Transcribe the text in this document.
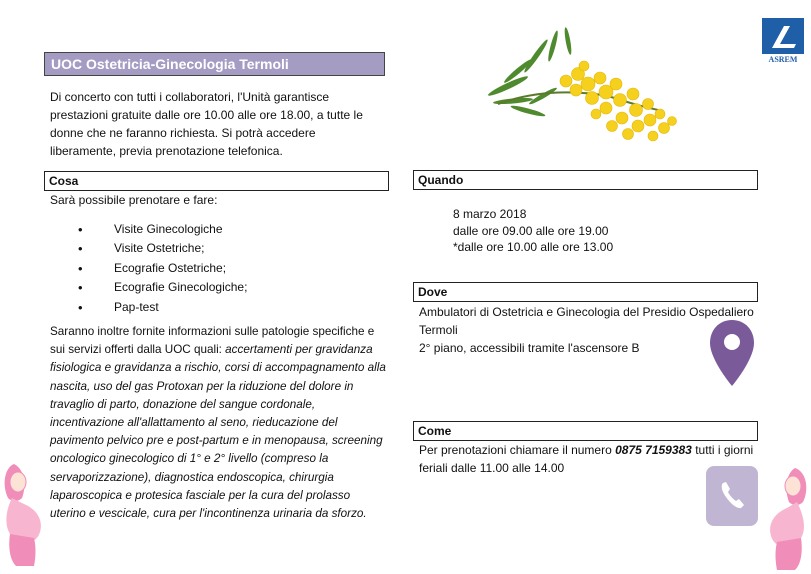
UOC Ostetricia-Ginecologia Termoli
Di concerto con tutti i collaboratori, l'Unità garantisce prestazioni gratuite dalle ore 10.00 alle ore 18.00, a tutte le donne che ne faranno richiesta. Si potrà accedere liberamente, previa prenotazione telefonica.
ASREM
Cosa
Sarà possibile prenotare e fare:
• Visite Ginecologiche
• Visite Ostetriche;
• Ecografie Ostetriche;
• Ecografie Ginecologiche;
• Pap-test
Saranno inoltre fornite informazioni sulle patologie specifiche e sui servizi offerti dalla UOC quali: accertamenti per gravidanza fisiologica e gravidanza a rischio, corsi di accompagnamento alla nascita, uso del gas Protoxan per la riduzione del dolore in travaglio di parto, donazione del sangue cordonale, incentivazione all'allattamento al seno, rieducazione del pavimento pelvico pre e post-partum e in menopausa, screening oncologico ginecologico di 1° e 2° livello (compreso la servaporizzazione), diagnostica endoscopica, chirurgia laparoscopica e protesica fasciale per la cura del prolasso uterino e vescicale, cura per l'incontinenza urinaria da sforzo.
Quando
8 marzo 2018
dalle ore 09.00 alle ore 19.00
*dalle ore 10.00 alle ore 13.00
Dove
Ambulatori di Ostetricia e Ginecologia del Presidio Ospedaliero
Termoli
2° piano, accessibili tramite l'ascensore B
Come
Per prenotazioni chiamare il numero 0875 7159383 tutti i giorni feriali dalle 11.00 alle 14.00
